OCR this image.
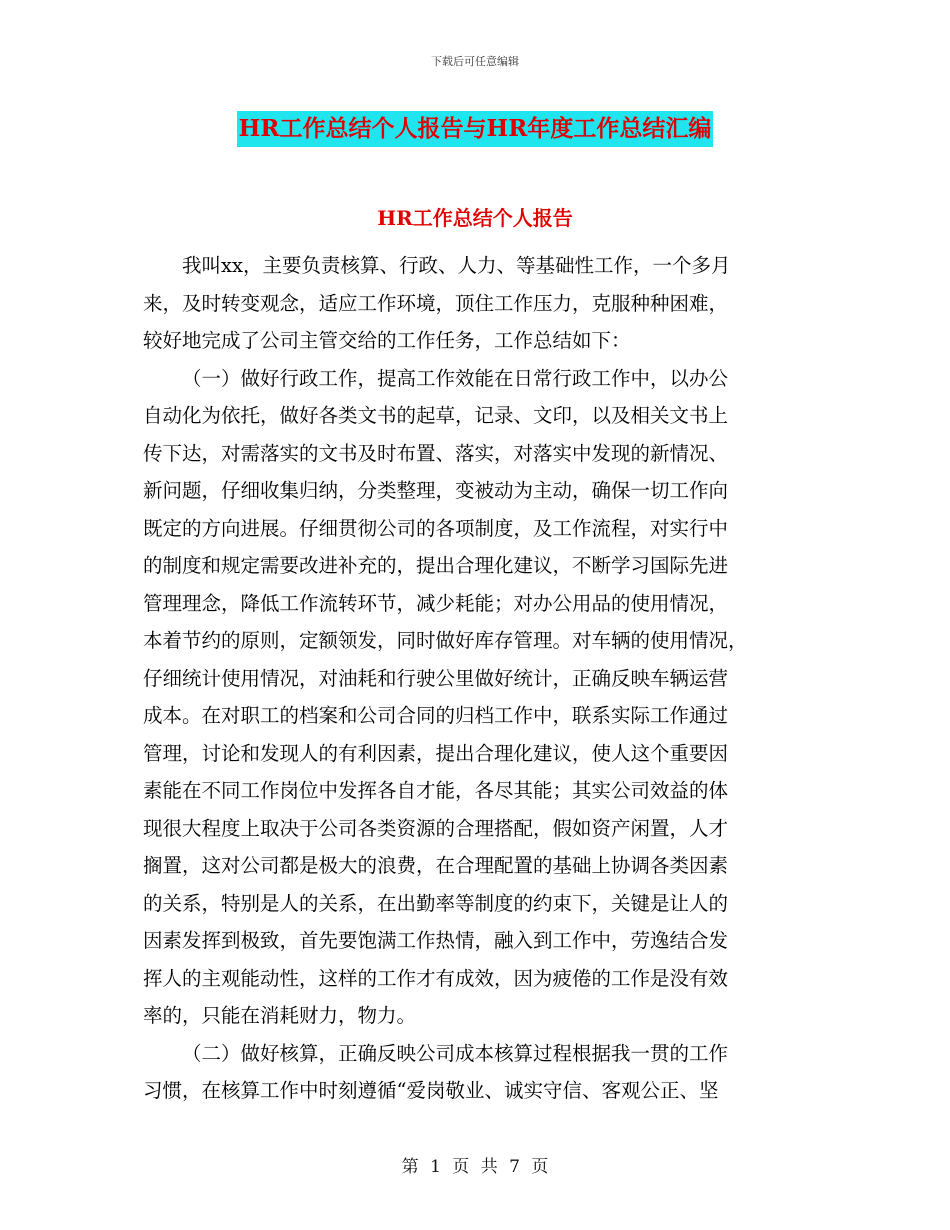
下载后可任意编辑
HR工作总结个人报告与HR年度工作总结汇编
HR工作总结个人报告

我叫xx，主要负责核算、行政、人力、等基础性工作，一个多月
来，及时转变观念，适应工作环境，顶住工作压力，克服种种困难，
较好地完成了公司主管交给的工作任务，工作总结如下：

（一）做好行政工作，提高工作效能在日常行政工作中，以办公
自动化为依托，做好各类文书的起草，记录、文印，以及相关文书上
传下达，对需落实的文书及时布置、落实，对落实中发现的新情况、
新问题，仔细收集归纳，分类整理，变被动为主动，确保一切工作向
既定的方向进展。仔细贯彻公司的各项制度，及工作流程，对实行中
的制度和规定需要改进补充的，提出合理化建议，不断学习国际先进
管理理念，降低工作流转环节，减少耗能；对办公用品的使用情况，
本着节约的原则，定额领发，同时做好库存管理。对车辆的使用情况，
仔细统计使用情况，对油耗和行驶公里做好统计，正确反映车辆运营
成本。在对职工的档案和公司合同的归档工作中，联系实际工作通过
管理，讨论和发现人的有利因素，提出合理化建议，使人这个重要因
素能在不同工作岗位中发挥各自才能，各尽其能；其实公司效益的体
现很大程度上取决于公司各类资源的合理搭配，假如资产闲置，人才
搁置，这对公司都是极大的浪费，在合理配置的基础上协调各类因素
的关系，特别是人的关系，在出勤率等制度的约束下，关键是让人的
因素发挥到极致，首先要饱满工作热情，融入到工作中，劳逸结合发
挥人的主观能动性，这样的工作才有成效，因为疲倦的工作是没有效
率的，只能在消耗财力，物力。

（二）做好核算，正确反映公司成本核算过程根据我一贯的工作
习惯，在核算工作中时刻遵循“爱岗敬业、诚实守信、客观公正、坚

第 1 页 共 7 页
